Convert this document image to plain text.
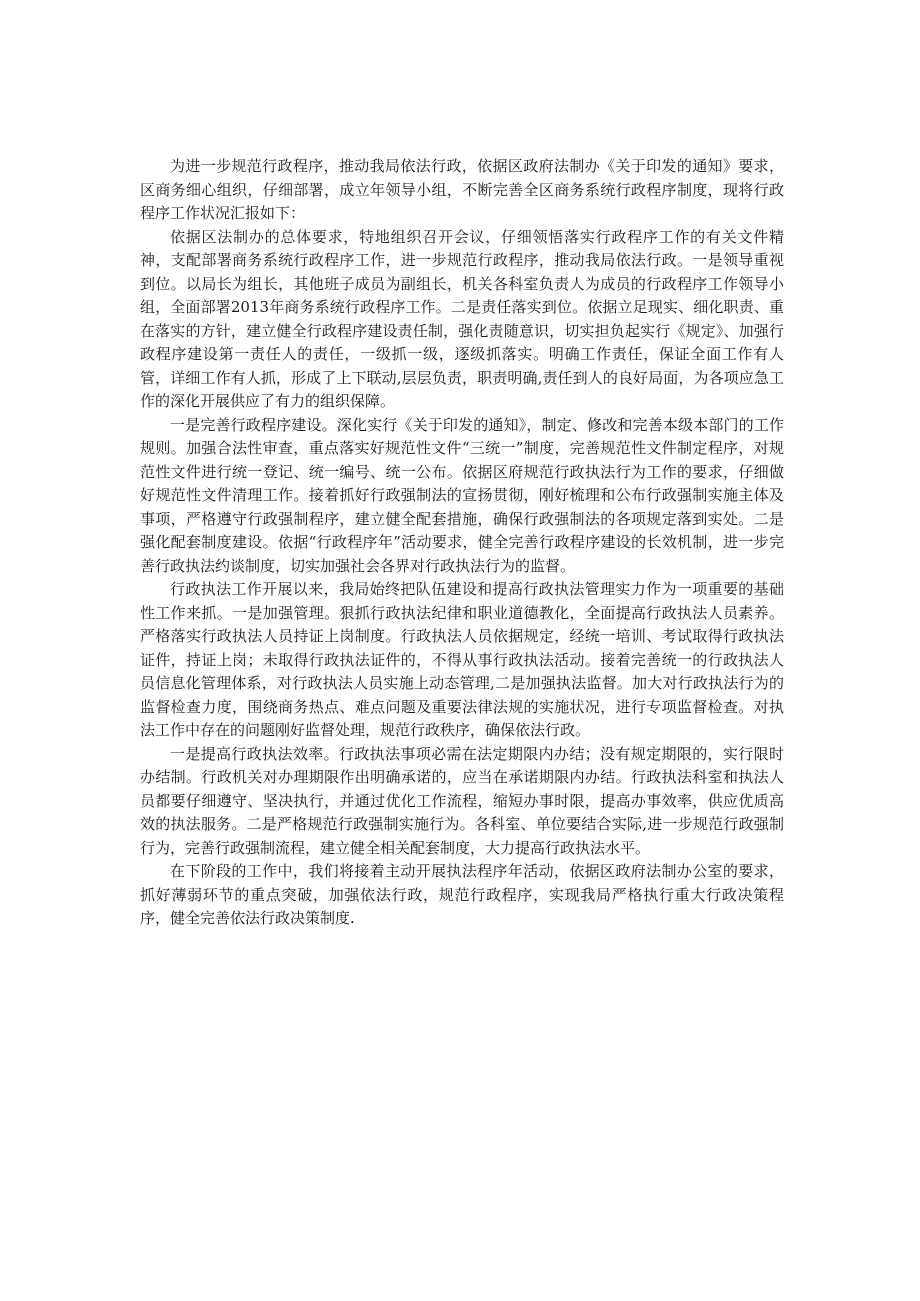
为进一步规范行政程序，推动我局依法行政，依据区政府法制办《关于印发的通知》要求，区商务细心组织，仔细部署，成立年领导小组，不断完善全区商务系统行政程序制度，现将行政程序工作状况汇报如下：

依据区法制办的总体要求，特地组织召开会议，仔细领悟落实行政程序工作的有关文件精神，支配部署商务系统行政程序工作，进一步规范行政程序，推动我局依法行政。一是领导重视到位。以局长为组长，其他班子成员为副组长，机关各科室负责人为成员的行政程序工作领导小组，全面部署2013年商务系统行政程序工作。二是责任落实到位。依据立足现实、细化职责、重在落实的方针，建立健全行政程序建设责任制，强化责随意识，切实担负起实行《规定》、加强行政程序建设第一责任人的责任，一级抓一级，逐级抓落实。明确工作责任，保证全面工作有人管，详细工作有人抓，形成了上下联动,层层负责，职责明确,责任到人的良好局面，为各项应急工作的深化开展供应了有力的组织保障。

一是完善行政程序建设。深化实行《关于印发的通知》，制定、修改和完善本级本部门的工作规则。加强合法性审查，重点落实好规范性文件“三统一”制度，完善规范性文件制定程序，对规范性文件进行统一登记、统一编号、统一公布。依据区府规范行政执法行为工作的要求，仔细做好规范性文件清理工作。接着抓好行政强制法的宣扬贯彻，刚好梳理和公布行政强制实施主体及事项，严格遵守行政强制程序，建立健全配套措施，确保行政强制法的各项规定落到实处。二是强化配套制度建设。依据“行政程序年”活动要求，健全完善行政程序建设的长效机制，进一步完善行政执法约谈制度，切实加强社会各界对行政执法行为的监督。

行政执法工作开展以来，我局始终把队伍建设和提高行政执法管理实力作为一项重要的基础性工作来抓。一是加强管理。狠抓行政执法纪律和职业道德教化，全面提高行政执法人员素养。严格落实行政执法人员持证上岗制度。行政执法人员依据规定，经统一培训、考试取得行政执法证件，持证上岗；未取得行政执法证件的，不得从事行政执法活动。接着完善统一的行政执法人员信息化管理体系，对行政执法人员实施上动态管理,二是加强执法监督。加大对行政执法行为的监督检查力度，围绕商务热点、难点问题及重要法律法规的实施状况，进行专项监督检查。对执法工作中存在的问题刚好监督处理，规范行政秩序，确保依法行政。

一是提高行政执法效率。行政执法事项必需在法定期限内办结；没有规定期限的，实行限时办结制。行政机关对办理期限作出明确承诺的，应当在承诺期限内办结。行政执法科室和执法人员都要仔细遵守、坚决执行，并通过优化工作流程，缩短办事时限，提高办事效率，供应优质高效的执法服务。二是严格规范行政强制实施行为。各科室、单位要结合实际,进一步规范行政强制行为，完善行政强制流程，建立健全相关配套制度，大力提高行政执法水平。

在下阶段的工作中，我们将接着主动开展执法程序年活动，依据区政府法制办公室的要求，抓好薄弱环节的重点突破，加强依法行政，规范行政程序，实现我局严格执行重大行政决策程序，健全完善依法行政决策制度.
